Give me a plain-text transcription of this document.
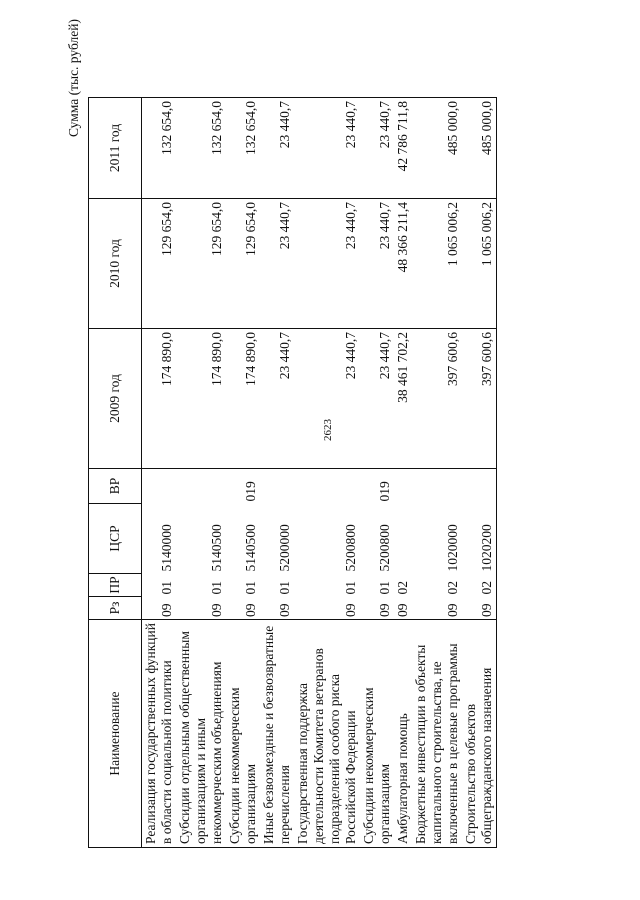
2623
Сумма (тыс. рублей)
Наименование	Рз	ПР	ЦСР	ВР	2009 год	2010 год	2011 год
Реализация государственных функций в области социальной политики	09	01	5140000		174 890,0	129 654,0	132 654,0
Субсидии отдельным общественным организациям и иным некоммерческим объединениям	09	01	5140500		174 890,0	129 654,0	132 654,0
Субсидии некоммерческим организациям	09	01	5140500	019	174 890,0	129 654,0	132 654,0
Иные безвозмездные и безвозвратные перечисления	09	01	5200000		23 440,7	23 440,7	23 440,7
Государственная поддержка деятельности Комитета ветеранов подразделений особого риска Российской Федерации	09	01	5200800		23 440,7	23 440,7	23 440,7
Субсидии некоммерческим организациям	09	01	5200800	019	23 440,7	23 440,7	23 440,7
Амбулаторная помощь	09	02			38 461 702,2	48 366 211,4	42 786 711,8
Бюджетные инвестиции в объекты капитального строительства, не включенные в целевые программы	09	02	1020000		397 600,6	1 065 006,2	485 000,0
Строительство объектов общегражданского назначения	09	02	1020200		397 600,6	1 065 006,2	485 000,0
